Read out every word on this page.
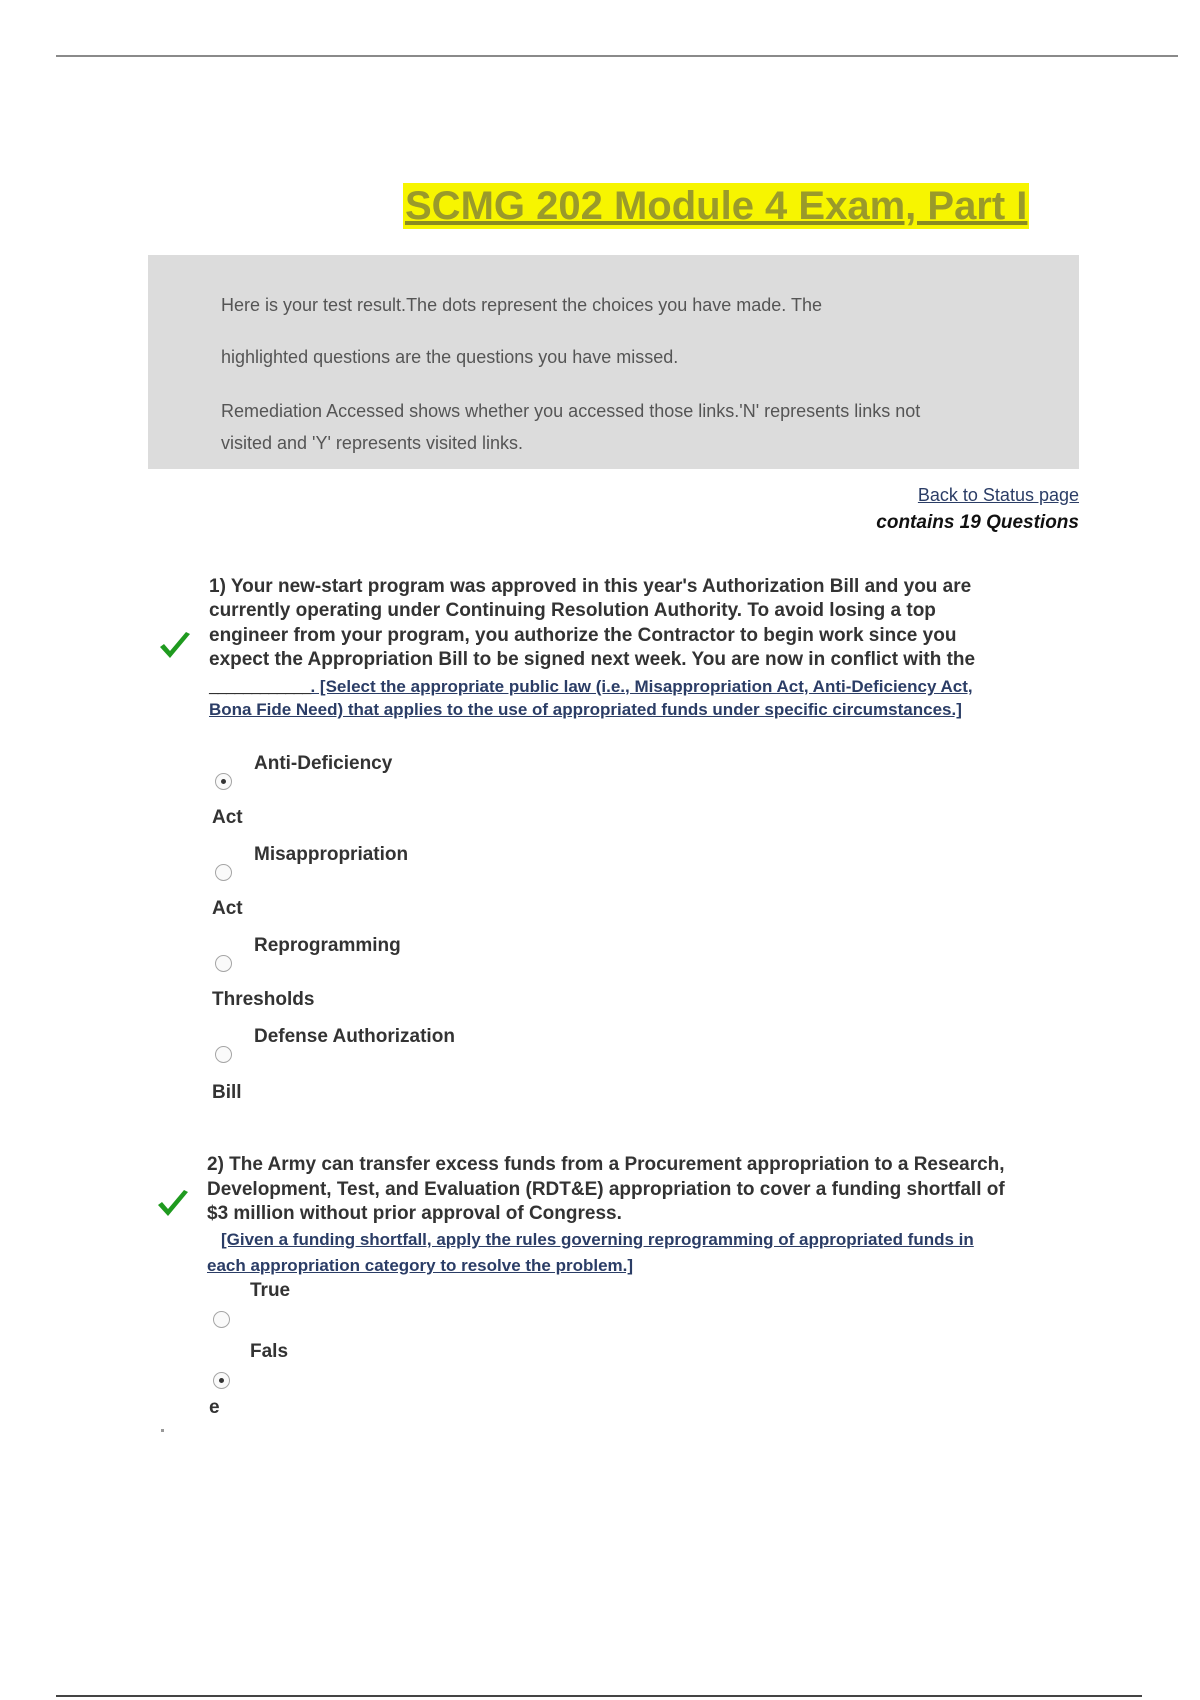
SCMG 202 Module 4 Exam, Part I
Here is your test result.The dots represent the choices you have made. The
highlighted questions are the questions you have missed.
Remediation Accessed shows whether you accessed those links.'N' represents links not
visited and 'Y' represents visited links.
Back to Status page
contains 19 Questions
1) Your new-start program was approved in this year's Authorization Bill and you are
currently operating under Continuing Resolution Authority. To avoid losing a top
engineer from your program, you authorize the Contractor to begin work since you
expect the Appropriation Bill to be signed next week. You are now in conflict with the
____________. [Select the appropriate public law (i.e., Misappropriation Act, Anti-Deficiency Act,
Bona Fide Need) that applies to the use of appropriated funds under specific circumstances.]
Anti-Deficiency
Act
Misappropriation
Act
Reprogramming
Thresholds
Defense Authorization
Bill
2) The Army can transfer excess funds from a Procurement appropriation to a Research,
Development, Test, and Evaluation (RDT&E) appropriation to cover a funding shortfall of
$3 million without prior approval of Congress.
[Given a funding shortfall, apply the rules governing reprogramming of appropriated funds in
each appropriation category to resolve the problem.]
True
Fals
e
